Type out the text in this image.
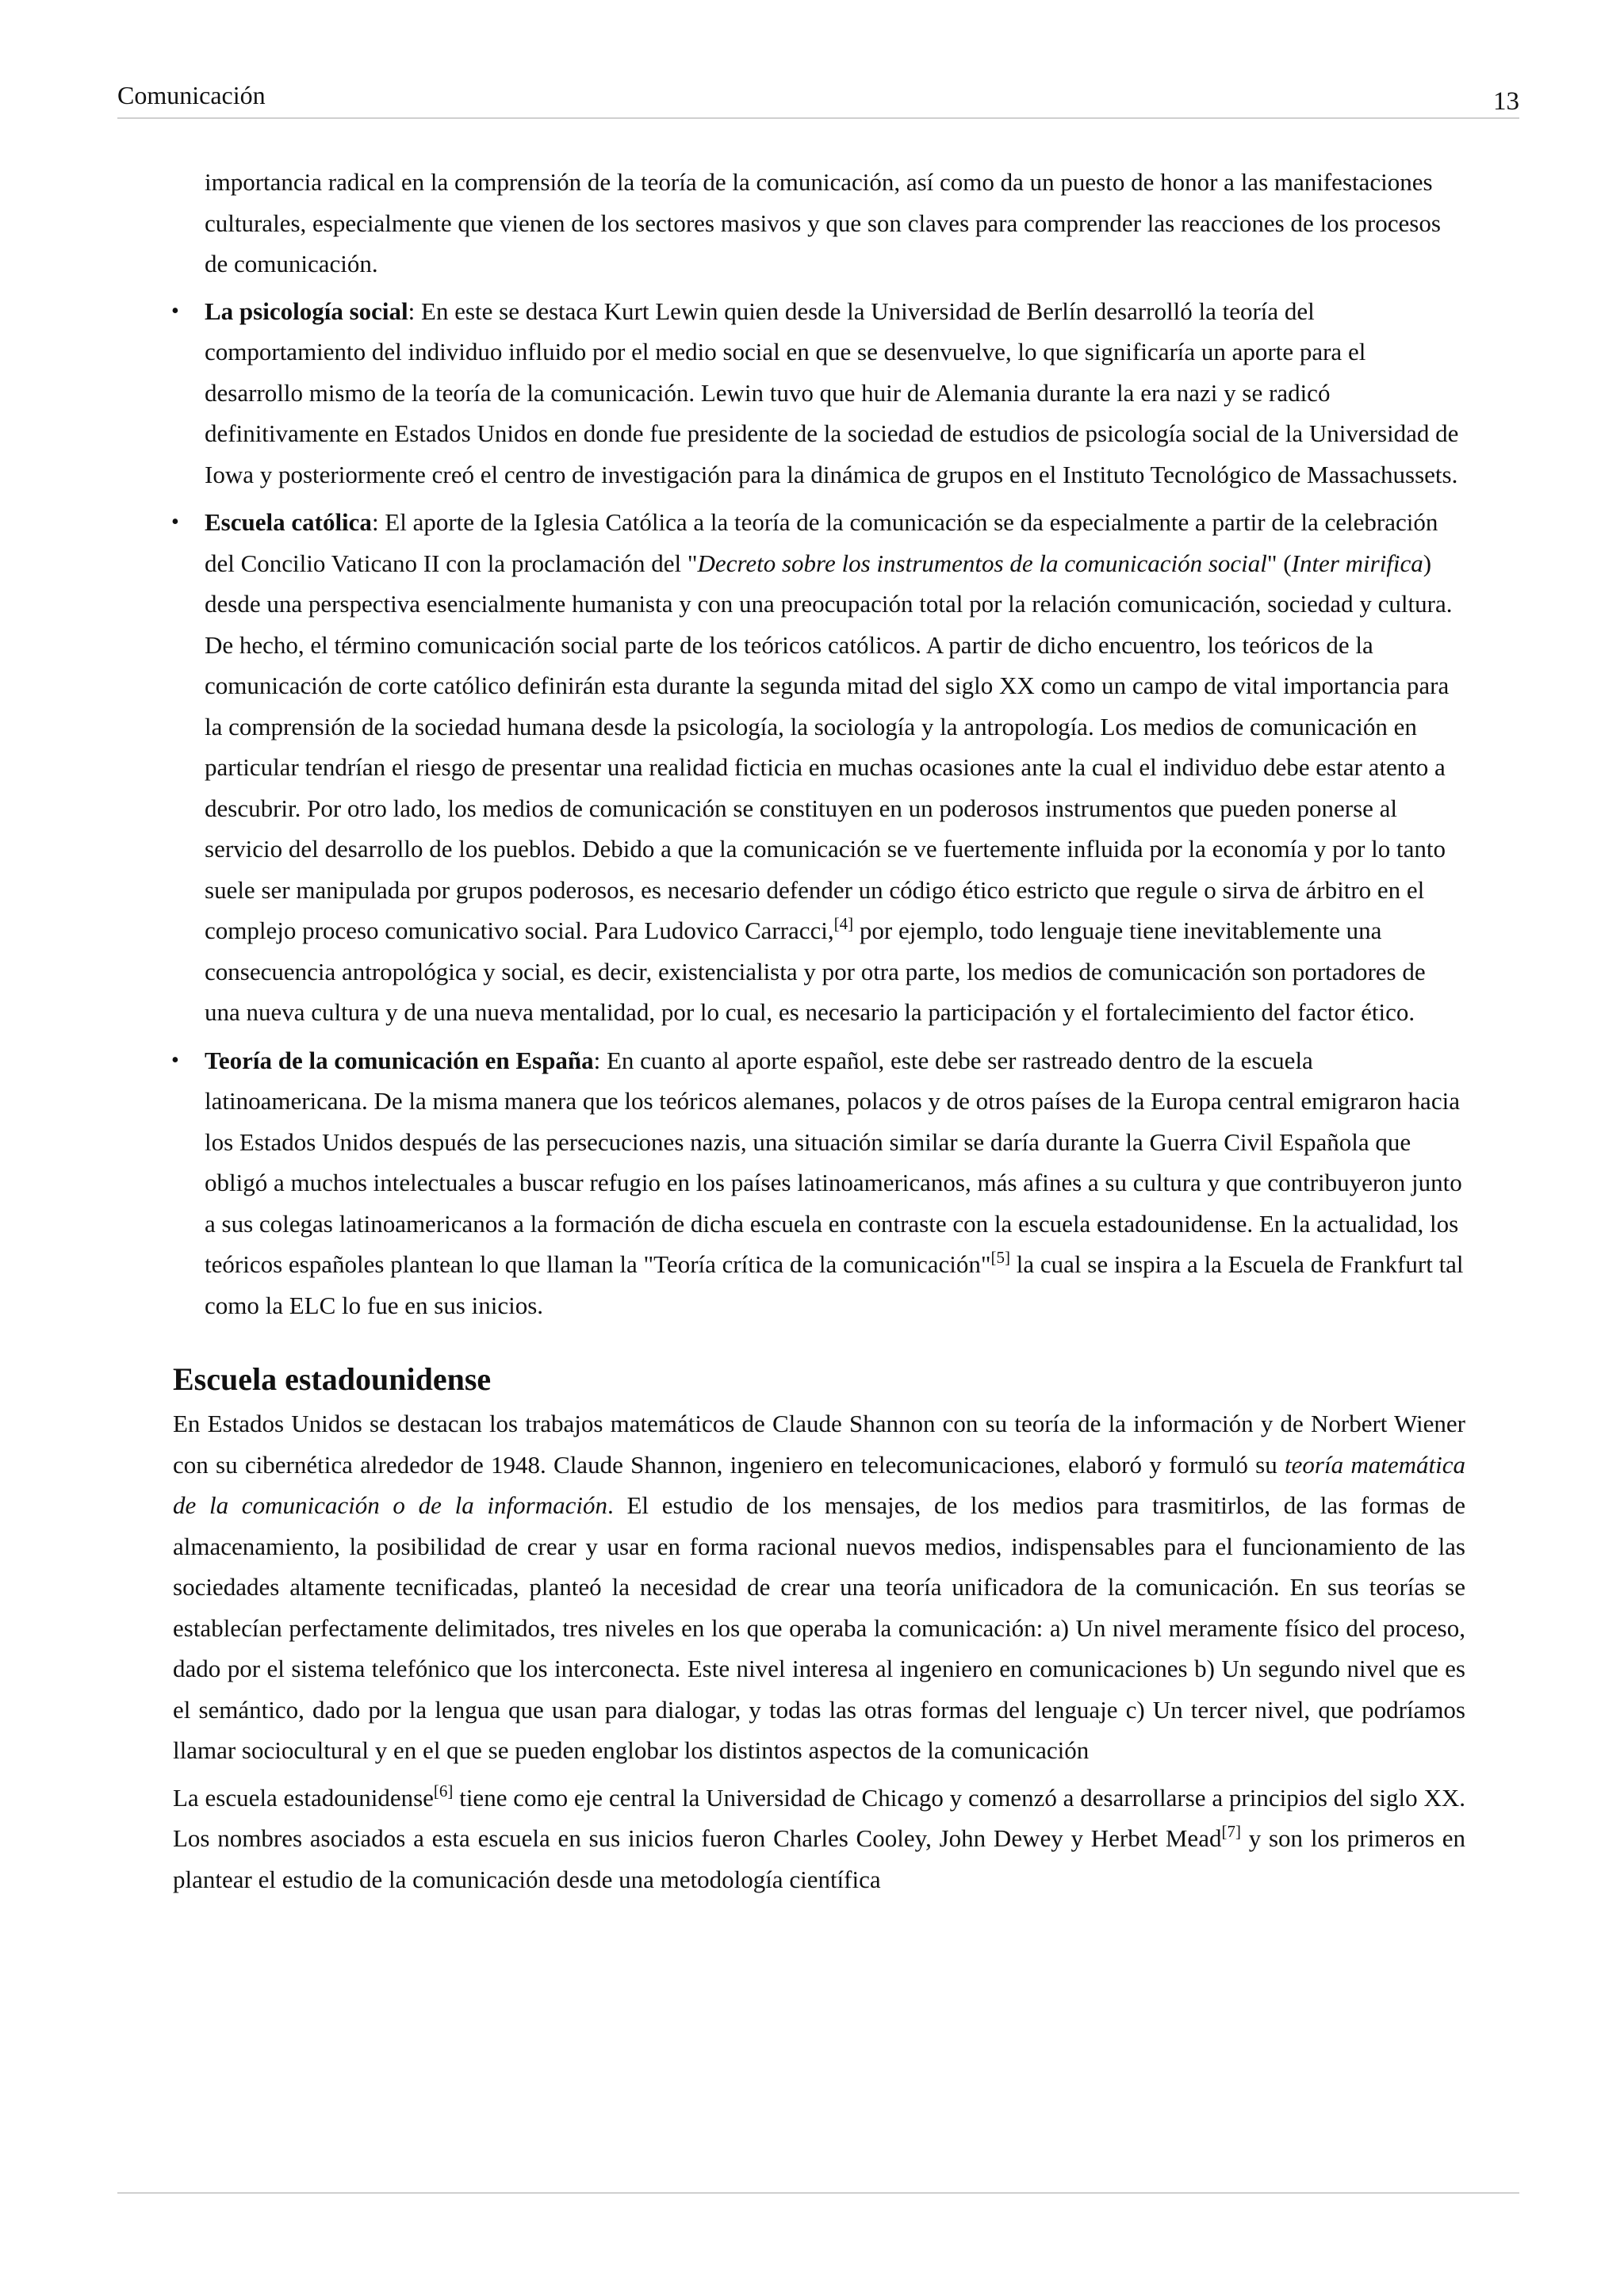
Comunicación	13

importancia radical en la comprensión de la teoría de la comunicación, así como da un puesto de honor a las manifestaciones culturales, especialmente que vienen de los sectores masivos y que son claves para comprender las reacciones de los procesos de comunicación.

• La psicología social: En este se destaca Kurt Lewin quien desde la Universidad de Berlín desarrolló la teoría del comportamiento del individuo influido por el medio social en que se desenvuelve, lo que significaría un aporte para el desarrollo mismo de la teoría de la comunicación. Lewin tuvo que huir de Alemania durante la era nazi y se radicó definitivamente en Estados Unidos en donde fue presidente de la sociedad de estudios de psicología social de la Universidad de Iowa y posteriormente creó el centro de investigación para la dinámica de grupos en el Instituto Tecnológico de Massachussets.
• Escuela católica: El aporte de la Iglesia Católica a la teoría de la comunicación se da especialmente a partir de la celebración del Concilio Vaticano II con la proclamación del "Decreto sobre los instrumentos de la comunicación social" (Inter mirifica) desde una perspectiva esencialmente humanista y con una preocupación total por la relación comunicación, sociedad y cultura. De hecho, el término comunicación social parte de los teóricos católicos. A partir de dicho encuentro, los teóricos de la comunicación de corte católico definirán esta durante la segunda mitad del siglo XX como un campo de vital importancia para la comprensión de la sociedad humana desde la psicología, la sociología y la antropología. Los medios de comunicación en particular tendrían el riesgo de presentar una realidad ficticia en muchas ocasiones ante la cual el individuo debe estar atento a descubrir. Por otro lado, los medios de comunicación se constituyen en un poderosos instrumentos que pueden ponerse al servicio del desarrollo de los pueblos. Debido a que la comunicación se ve fuertemente influida por la economía y por lo tanto suele ser manipulada por grupos poderosos, es necesario defender un código ético estricto que regule o sirva de árbitro en el complejo proceso comunicativo social. Para Ludovico Carracci,[4] por ejemplo, todo lenguaje tiene inevitablemente una consecuencia antropológica y social, es decir, existencialista y por otra parte, los medios de comunicación son portadores de una nueva cultura y de una nueva mentalidad, por lo cual, es necesario la participación y el fortalecimiento del factor ético.
• Teoría de la comunicación en España: En cuanto al aporte español, este debe ser rastreado dentro de la escuela latinoamericana. De la misma manera que los teóricos alemanes, polacos y de otros países de la Europa central emigraron hacia los Estados Unidos después de las persecuciones nazis, una situación similar se daría durante la Guerra Civil Española que obligó a muchos intelectuales a buscar refugio en los países latinoamericanos, más afines a su cultura y que contribuyeron junto a sus colegas latinoamericanos a la formación de dicha escuela en contraste con la escuela estadounidense. En la actualidad, los teóricos españoles plantean lo que llaman la "Teoría crítica de la comunicación"[5] la cual se inspira a la Escuela de Frankfurt tal como la ELC lo fue en sus inicios.
Escuela estadounidense

En Estados Unidos se destacan los trabajos matemáticos de Claude Shannon con su teoría de la información y de Norbert Wiener con su cibernética alrededor de 1948. Claude Shannon, ingeniero en telecomunicaciones, elaboró y formuló su teoría matemática de la comunicación o de la información. El estudio de los mensajes, de los medios para trasmitirlos, de las formas de almacenamiento, la posibilidad de crear y usar en forma racional nuevos medios, indispensables para el funcionamiento de las sociedades altamente tecnificadas, planteó la necesidad de crear una teoría unificadora de la comunicación. En sus teorías se establecían perfectamente delimitados, tres niveles en los que operaba la comunicación: a) Un nivel meramente físico del proceso, dado por el sistema telefónico que los interconecta. Este nivel interesa al ingeniero en comunicaciones b) Un segundo nivel que es el semántico, dado por la lengua que usan para dialogar, y todas las otras formas del lenguaje c) Un tercer nivel, que podríamos llamar sociocultural y en el que se pueden englobar los distintos aspectos de la comunicación

La escuela estadounidense[6] tiene como eje central la Universidad de Chicago y comenzó a desarrollarse a principios del siglo XX. Los nombres asociados a esta escuela en sus inicios fueron Charles Cooley, John Dewey y Herbet Mead[7] y son los primeros en plantear el estudio de la comunicación desde una metodología científica
